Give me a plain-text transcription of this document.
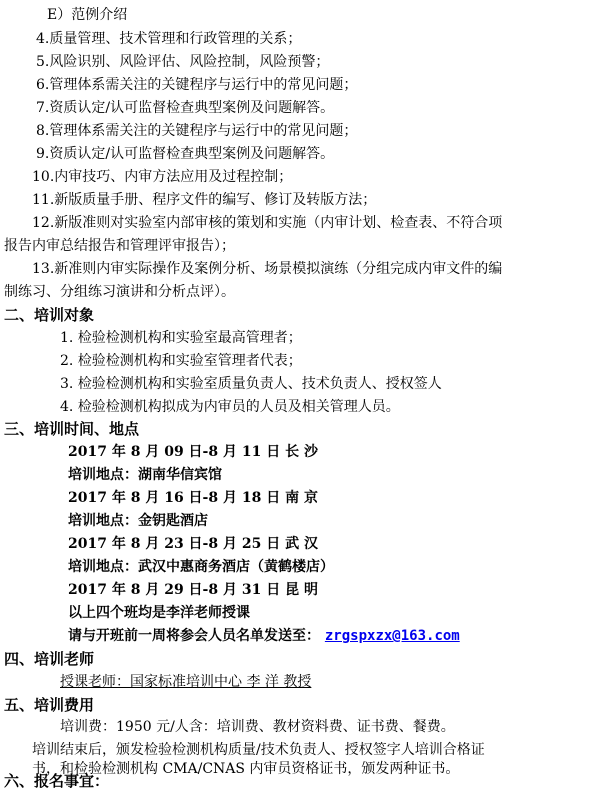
E）范例介绍
4.质量管理、技术管理和行政管理的关系；
5.风险识别、风险评估、风险控制，风险预警；
6.管理体系需关注的关键程序与运行中的常见问题；
7.资质认定/认可监督检查典型案例及问题解答。
8.管理体系需关注的关键程序与运行中的常见问题；
9.资质认定/认可监督检查典型案例及问题解答。
10.内审技巧、内审方法应用及过程控制；
11.新版质量手册、程序文件的编写、修订及转版方法；
12.新版准则对实验室内部审核的策划和实施（内审计划、检查表、不符合项
报告内审总结报告和管理评审报告）；
13.新准则内审实际操作及案例分析、场景模拟演练（分组完成内审文件的编
制练习、分组练习演讲和分析点评）。
二、培训对象
1. 检验检测机构和实验室最高管理者；
2. 检验检测机构和实验室管理者代表；
3. 检验检测机构和实验室质量负责人、技术负责人、授权签人
4. 检验检测机构拟成为内审员的人员及相关管理人员。
三、培训时间、地点
2017 年 8 月 09 日-8 月 11 日 长 沙
培训地点：湖南华信宾馆
2017 年 8 月 16 日-8 月 18 日 南 京
培训地点：金钥匙酒店
2017 年 8 月 23 日-8 月 25 日 武 汉
培训地点：武汉中惠商务酒店（黄鹤楼店）
2017 年 8 月 29 日-8 月 31 日 昆 明
以上四个班均是李洋老师授课
请与开班前一周将参会人员名单发送至： zrgspxzx@163.com
四、培训老师
授课老师：国家标准培训中心 李 洋 教授
五、培训费用
培训费：1950 元/人含：培训费、教材资料费、证书费、餐费。
培训结束后，颁发检验检测机构质量/技术负责人、授权签字人培训合格证
书，和检验检测机构 CMA/CNAS 内审员资格证书，颁发两种证书。
六、报名事宜：
